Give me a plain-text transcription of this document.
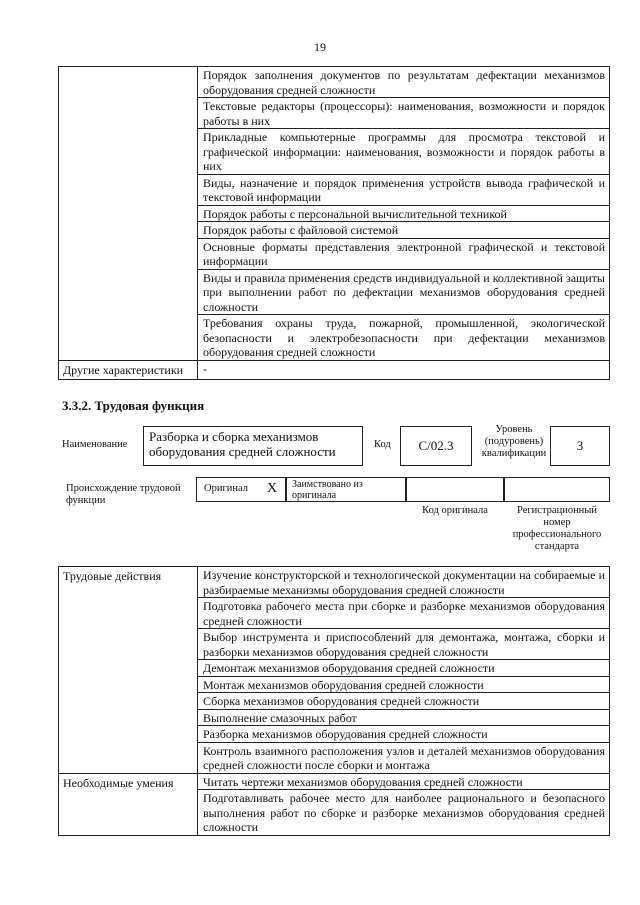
19
	Порядок заполнения документов по результатам дефектации механизмов оборудования средней сложности
	Текстовые редакторы (процессоры): наименования, возможности и порядок работы в них
	Прикладные компьютерные программы для просмотра текстовой и графической информации: наименования, возможности и порядок работы в них
	Виды, назначение и порядок применения устройств вывода графической и текстовой информации
	Порядок работы с персональной вычислительной техникой
	Порядок работы с файловой системой
	Основные форматы представления электронной графической и текстовой информации
	Виды и правила применения средств индивидуальной и коллективной защиты при выполнении работ по дефектации механизмов оборудования средней сложности
	Требования охраны труда, пожарной, промышленной, экологической безопасности и электробезопасности при дефектации механизмов оборудования средней сложности
Другие характеристики	-
3.3.2. Трудовая функция
Наименование
Разборка и сборка механизмов оборудования средней сложности	Код	C/02.3
Уровень (подуровень) квалификации
3
Происхождение трудовой функции
Оригинал X	Заимствовано из оригинала
Код оригинала	Регистрационный номер профессионального стандарта
Трудовые действия	Изучение конструкторской и технологической документации на собираемые и разбираемые механизмы оборудования средней сложности
	Подготовка рабочего места при сборке и разборке механизмов оборудования средней сложности
	Выбор инструмента и приспособлений для демонтажа, монтажа, сборки и разборки механизмов оборудования средней сложности
	Демонтаж механизмов оборудования средней сложности
	Монтаж механизмов оборудования средней сложности
	Сборка механизмов оборудования средней сложности
	Выполнение смазочных работ
	Разборка механизмов оборудования средней сложности
	Контроль взаимного расположения узлов и деталей механизмов оборудования средней сложности после сборки и монтажа
Необходимые умения	Читать чертежи механизмов оборудования средней сложности
	Подготавливать рабочее место для наиболее рационального и безопасного выполнения работ по сборке и разборке механизмов оборудования средней сложности
